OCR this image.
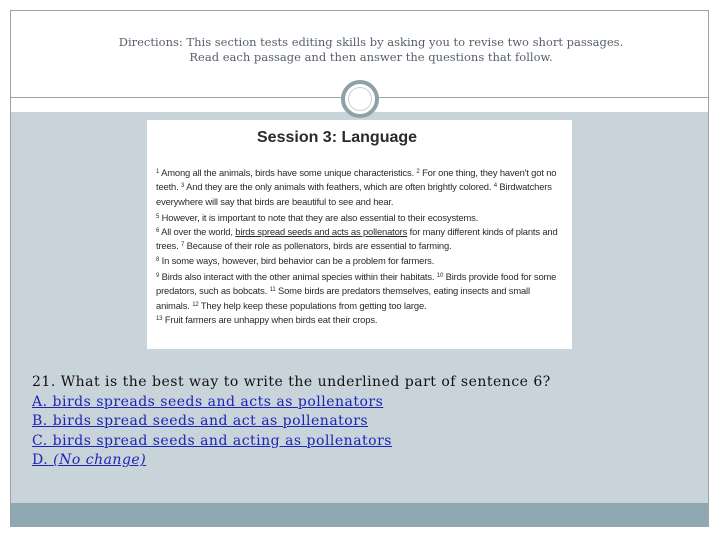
Directions: This section tests editing skills by asking you to revise two short passages.
Read each passage and then answer the questions that follow.
Session 3: Language

$^1$ Among all the animals, birds have some unique characteristics. $^2$ For one thing, they haven't got no teeth. $^3$ And they are the only animals with feathers, which are often brightly colored. $^4$ Birdwatchers everywhere will say that birds are beautiful to see and hear.

$^5$ However, it is important to note that they are also essential to their ecosystems.
$^6$ All over the world, birds spread seeds and acts as pollenators for many different kinds of plants and trees. $^7$ Because of their role as pollenators, birds are essential to farming.
$^8$ In some ways, however, bird behavior can be a problem for farmers.

$^9$ Birds also interact with the other animal species within their habitats. $^{10}$ Birds provide food for some predators, such as bobcats. $^{11}$ Some birds are predators themselves, eating insects and small animals. $^{12}$ They help keep these populations from getting too large.
$^{13}$ Fruit farmers are unhappy when birds eat their crops.

21. What is the best way to write the underlined part of sentence 6?
A. birds spreads seeds and acts as pollenators
B. birds spread seeds and act as pollenators
C. birds spread seeds and acting as pollenators
D. (No change)
